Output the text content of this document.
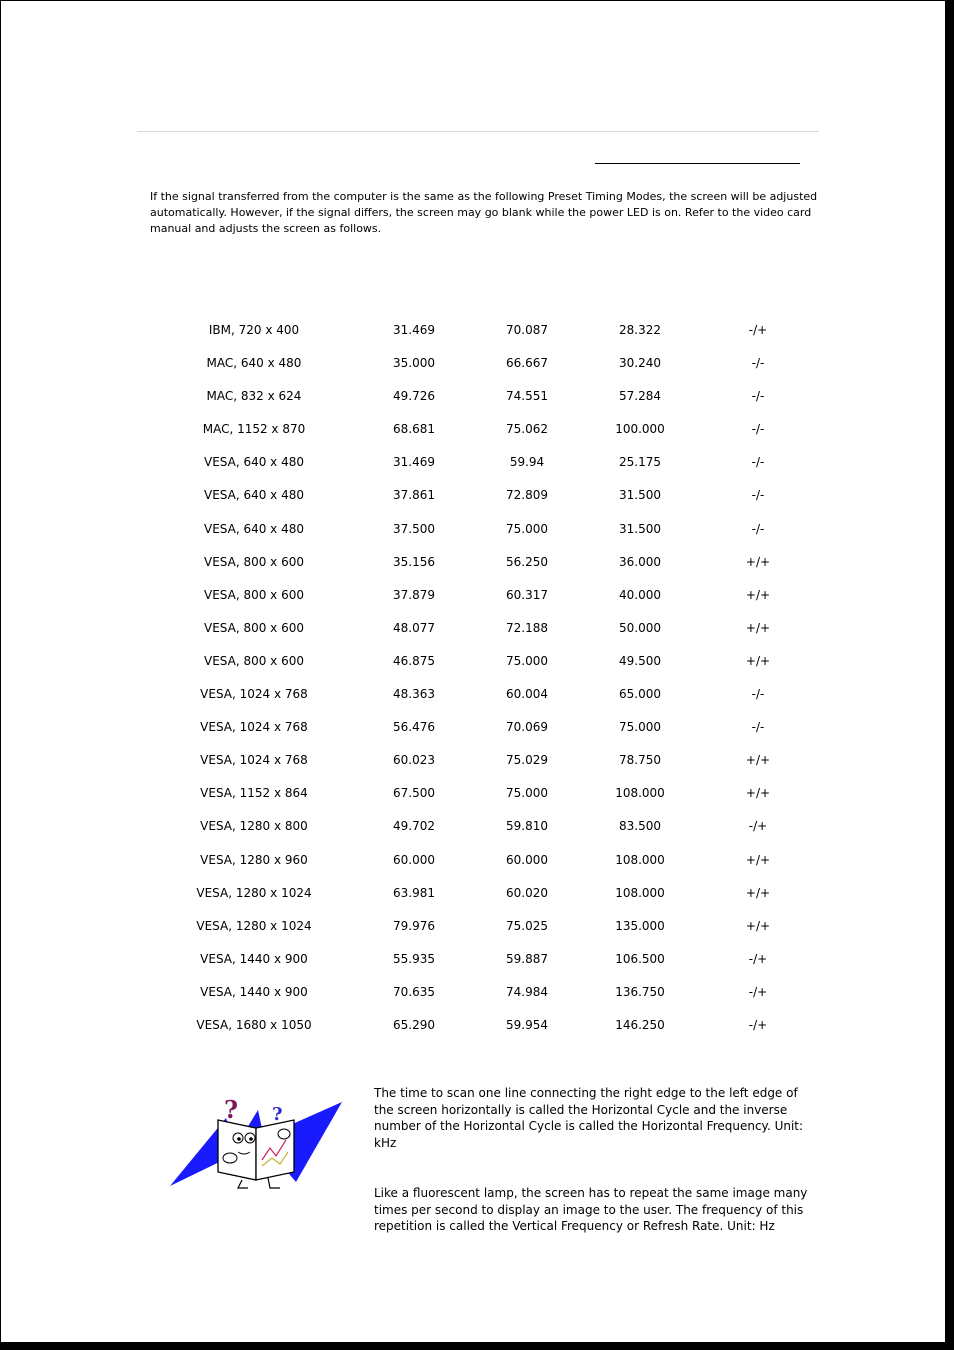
If the signal transferred from the computer is the same as the following Preset Timing Modes, the screen will be adjusted automatically. However, if the signal differs, the screen may go blank while the power LED is on. Refer to the video card manual and adjusts the screen as follows.

IBM, 720 x 400	31.469	70.087	28.322	-/+
MAC, 640 x 480	35.000	66.667	30.240	-/-
MAC, 832 x 624	49.726	74.551	57.284	-/-
MAC, 1152 x 870	68.681	75.062	100.000	-/-
VESA, 640 x 480	31.469	59.94	25.175	-/-
VESA, 640 x 480	37.861	72.809	31.500	-/-
VESA, 640 x 480	37.500	75.000	31.500	-/-
VESA, 800 x 600	35.156	56.250	36.000	+/+
VESA, 800 x 600	37.879	60.317	40.000	+/+
VESA, 800 x 600	48.077	72.188	50.000	+/+
VESA, 800 x 600	46.875	75.000	49.500	+/+
VESA, 1024 x 768	48.363	60.004	65.000	-/-
VESA, 1024 x 768	56.476	70.069	75.000	-/-
VESA, 1024 x 768	60.023	75.029	78.750	+/+
VESA, 1152 x 864	67.500	75.000	108.000	+/+
VESA, 1280 x 800	49.702	59.810	83.500	-/+
VESA, 1280 x 960	60.000	60.000	108.000	+/+
VESA, 1280 x 1024	63.981	60.020	108.000	+/+
VESA, 1280 x 1024	79.976	75.025	135.000	+/+
VESA, 1440 x 900	55.935	59.887	106.500	-/+
VESA, 1440 x 900	70.635	74.984	136.750	-/+
VESA, 1680 x 1050	65.290	59.954	146.250	-/+
? ?

The time to scan one line connecting the right edge to the left edge of the screen horizontally is called the Horizontal Cycle and the inverse number of the Horizontal Cycle is called the Horizontal Frequency. Unit: kHz

Like a fluorescent lamp, the screen has to repeat the same image many times per second to display an image to the user. The frequency of this repetition is called the Vertical Frequency or Refresh Rate. Unit: Hz
